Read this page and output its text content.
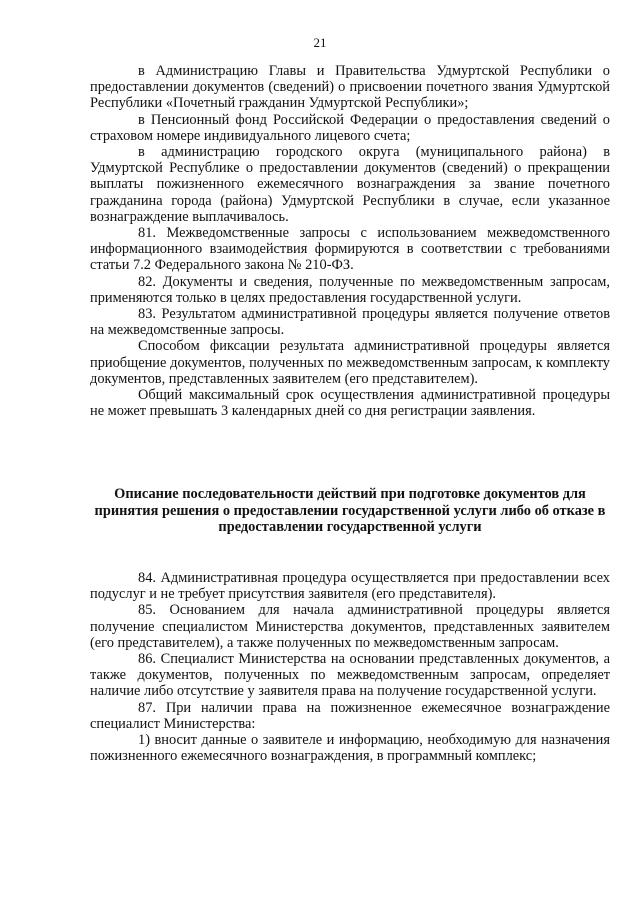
21

в Администрацию Главы и Правительства Удмуртской Республики о предоставлении документов (сведений) о присвоении почетного звания Удмуртской Республики «Почетный гражданин Удмуртской Республики»;

в Пенсионный фонд Российской Федерации о предоставления сведений о страховом номере индивидуального лицевого счета;

в администрацию городского округа (муниципального района) в Удмуртской Республике о предоставлении документов (сведений) о прекращении выплаты пожизненного ежемесячного вознаграждения за звание почетного гражданина города (района) Удмуртской Республики в случае, если указанное вознаграждение выплачивалось.

81. Межведомственные запросы с использованием межведомственного информационного взаимодействия формируются в соответствии с требованиями статьи 7.2 Федерального закона № 210-ФЗ.

82. Документы и сведения, полученные по межведомственным запросам, применяются только в целях предоставления государственной услуги.

83. Результатом административной процедуры является получение ответов на межведомственные запросы.

Способом фиксации результата административной процедуры является приобщение документов, полученных по межведомственным запросам, к комплекту документов, представленных заявителем (его представителем).

Общий максимальный срок осуществления административной процедуры не может превышать 3 календарных дней со дня регистрации заявления.

Описание последовательности действий при подготовке документов для принятия решения о предоставлении государственной услуги либо об отказе в предоставлении государственной услуги

84. Административная процедура осуществляется при предоставлении всех подуслуг и не требует присутствия заявителя (его представителя).

85. Основанием для начала административной процедуры является получение специалистом Министерства документов, представленных заявителем (его представителем), а также полученных по межведомственным запросам.

86. Специалист Министерства на основании представленных документов, а также документов, полученных по межведомственным запросам, определяет наличие либо отсутствие у заявителя права на получение государственной услуги.

87. При наличии права на пожизненное ежемесячное вознаграждение специалист Министерства:

1) вносит данные о заявителе и информацию, необходимую для назначения пожизненного ежемесячного вознаграждения, в программный комплекс;
